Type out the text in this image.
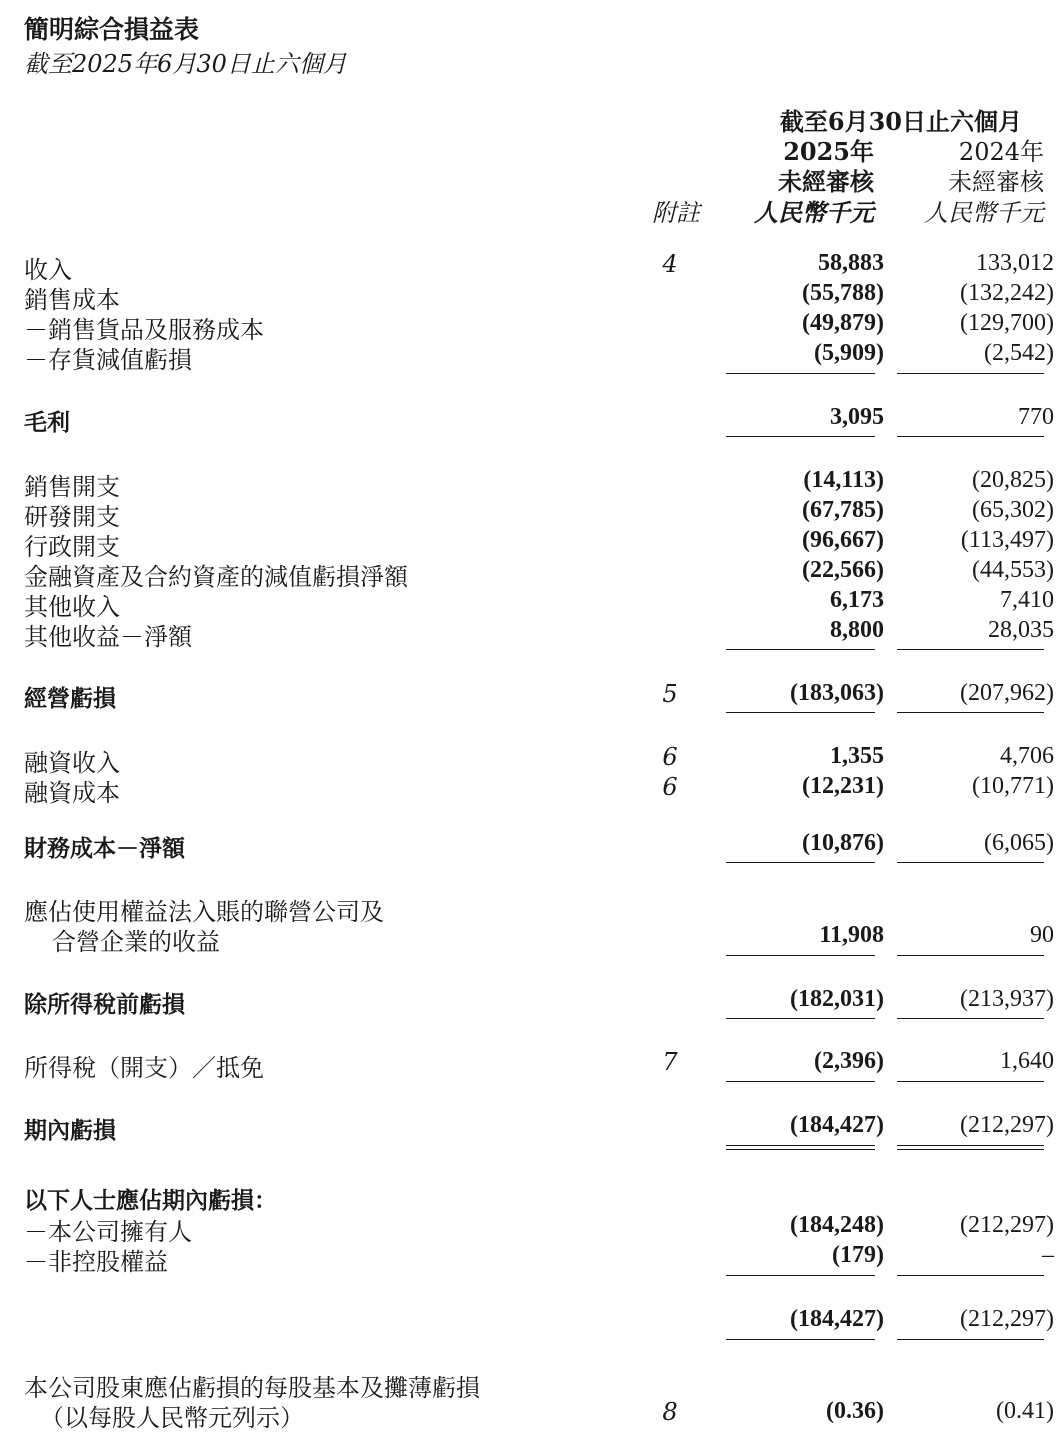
簡明綜合損益表
截至2025年6月30日止六個月
截至6月30日止六個月
2025年	2024年
未經審核	未經審核
附註	人民幣千元	人民幣千元
收入	4	58,883	133,012
銷售成本	(55,788)	(132,242)
－銷售貨品及服務成本	(49,879)	(129,700)
－存貨減值虧損	(5,909)	(2,542)
毛利	3,095	770
銷售開支	(14,113)	(20,825)
研發開支	(67,785)	(65,302)
行政開支	(96,667)	(113,497)
金融資產及合約資產的減值虧損淨額	(22,566)	(44,553)
其他收入	6,173	7,410
其他收益－淨額	8,800	28,035
經營虧損	5	(183,063)	(207,962)
融資收入	6	1,355	4,706
融資成本	6	(12,231)	(10,771)
財務成本－淨額	(10,876)	(6,065)
應佔使用權益法入賬的聯營公司及
合營企業的收益	11,908	90
除所得稅前虧損	(182,031)	(213,937)
所得稅（開支）／抵免	7	(2,396)	1,640
期內虧損	(184,427)	(212,297)
以下人士應佔期內虧損：
－本公司擁有人	(184,248)	(212,297)
－非控股權益	(179)	–
(184,427)	(212,297)
本公司股東應佔虧損的每股基本及攤薄虧損
（以每股人民幣元列示）	8	(0.36)	(0.41)
